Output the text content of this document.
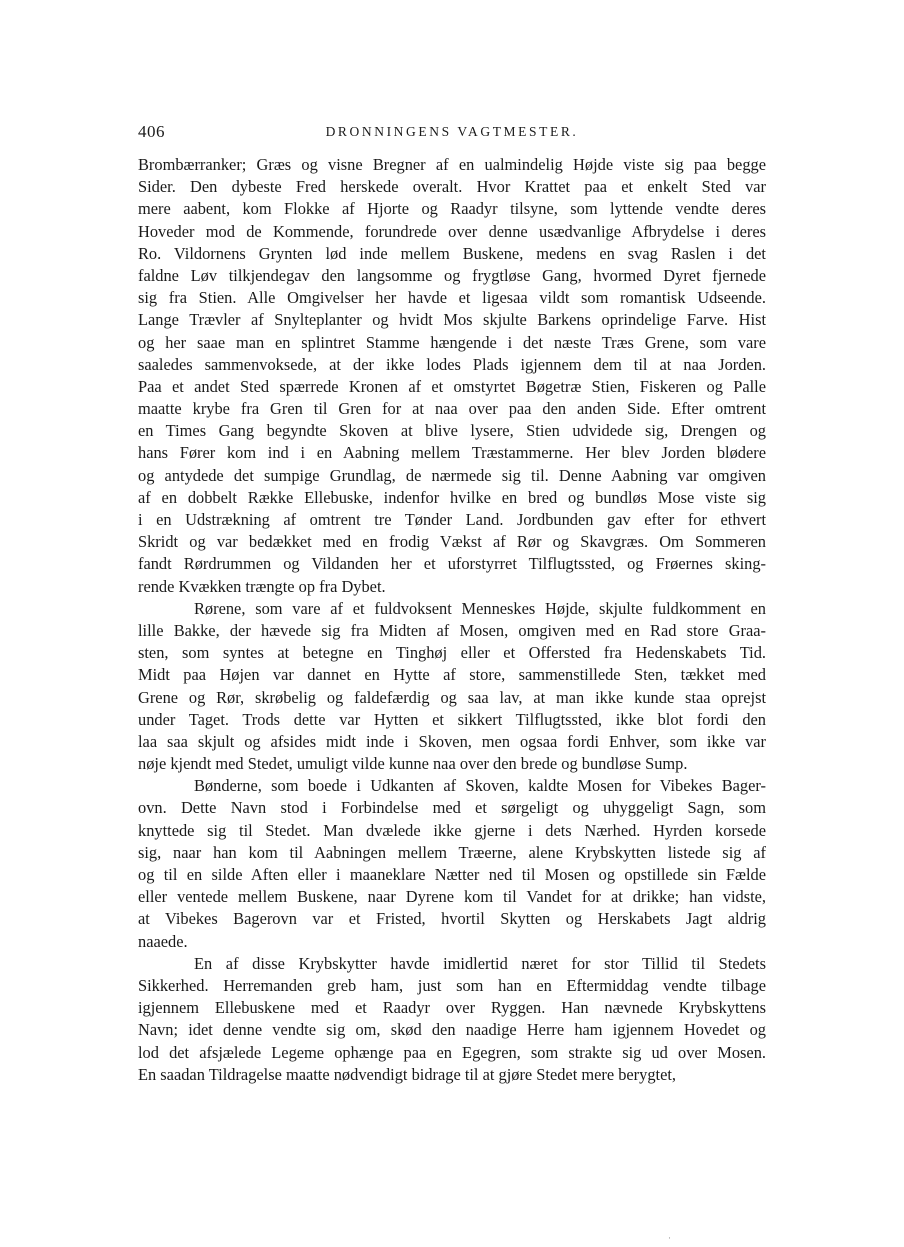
406	DRONNINGENS VAGTMESTER.
Brombærranker; Græs og visne Bregner af en ualmindelig Højde viste sig paa begge
Sider. Den dybeste Fred herskede overalt. Hvor Krattet paa et enkelt Sted var
mere aabent, kom Flokke af Hjorte og Raadyr tilsyne, som lyttende vendte deres
Hoveder mod de Kommende, forundrede over denne usædvanlige Afbrydelse i deres
Ro. Vildornens Grynten lød inde mellem Buskene, medens en svag Raslen i det
faldne Løv tilkjendegav den langsomme og frygtløse Gang, hvormed Dyret fjernede
sig fra Stien. Alle Omgivelser her havde et ligesaa vildt som romantisk Udseende.
Lange Trævler af Snylteplanter og hvidt Mos skjulte Barkens oprindelige Farve. Hist
og her saae man en splintret Stamme hængende i det næste Træs Grene, som vare
saaledes sammenvoksede, at der ikke lodes Plads igjennem dem til at naa Jorden.
Paa et andet Sted spærrede Kronen af et omstyrtet Bøgetræ Stien, Fiskeren og Palle
maatte krybe fra Gren til Gren for at naa over paa den anden Side. Efter omtrent
en Times Gang begyndte Skoven at blive lysere, Stien udvidede sig, Drengen og
hans Fører kom ind i en Aabning mellem Træstammerne. Her blev Jorden blødere
og antydede det sumpige Grundlag, de nærmede sig til. Denne Aabning var omgiven
af en dobbelt Række Ellebuske, indenfor hvilke en bred og bundløs Mose viste sig
i en Udstrækning af omtrent tre Tønder Land. Jordbunden gav efter for ethvert
Skridt og var bedækket med en frodig Vækst af Rør og Skavgræs. Om Sommeren
fandt Rørdrummen og Vildanden her et uforstyrret Tilflugtssted, og Frøernes sking-
rende Kvækken trængte op fra Dybet.
Rørene, som vare af et fuldvoksent Menneskes Højde, skjulte fuldkomment en
lille Bakke, der hævede sig fra Midten af Mosen, omgiven med en Rad store Graa-
sten, som syntes at betegne en Tinghøj eller et Offersted fra Hedenskabets Tid.
Midt paa Højen var dannet en Hytte af store, sammenstillede Sten, tækket med
Grene og Rør, skrøbelig og faldefærdig og saa lav, at man ikke kunde staa oprejst
under Taget. Trods dette var Hytten et sikkert Tilflugtssted, ikke blot fordi den
laa saa skjult og afsides midt inde i Skoven, men ogsaa fordi Enhver, som ikke var
nøje kjendt med Stedet, umuligt vilde kunne naa over den brede og bundløse Sump.
Bønderne, som boede i Udkanten af Skoven, kaldte Mosen for Vibekes Bager-
ovn. Dette Navn stod i Forbindelse med et sørgeligt og uhyggeligt Sagn, som
knyttede sig til Stedet. Man dvælede ikke gjerne i dets Nærhed. Hyrden korsede
sig, naar han kom til Aabningen mellem Træerne, alene Krybskytten listede sig af
og til en silde Aften eller i maaneklare Nætter ned til Mosen og opstillede sin Fælde
eller ventede mellem Buskene, naar Dyrene kom til Vandet for at drikke; han vidste,
at Vibekes Bagerovn var et Fristed, hvortil Skytten og Herskabets Jagt aldrig
naaede.
En af disse Krybskytter havde imidlertid næret for stor Tillid til Stedets
Sikkerhed. Herremanden greb ham, just som han en Eftermiddag vendte tilbage
igjennem Ellebuskene med et Raadyr over Ryggen. Han nævnede Krybskyttens
Navn; idet denne vendte sig om, skød den naadige Herre ham igjennem Hovedet og
lod det afsjælede Legeme ophænge paa en Egegren, som strakte sig ud over Mosen.
En saadan Tildragelse maatte nødvendigt bidrage til at gjøre Stedet mere berygtet,
·
